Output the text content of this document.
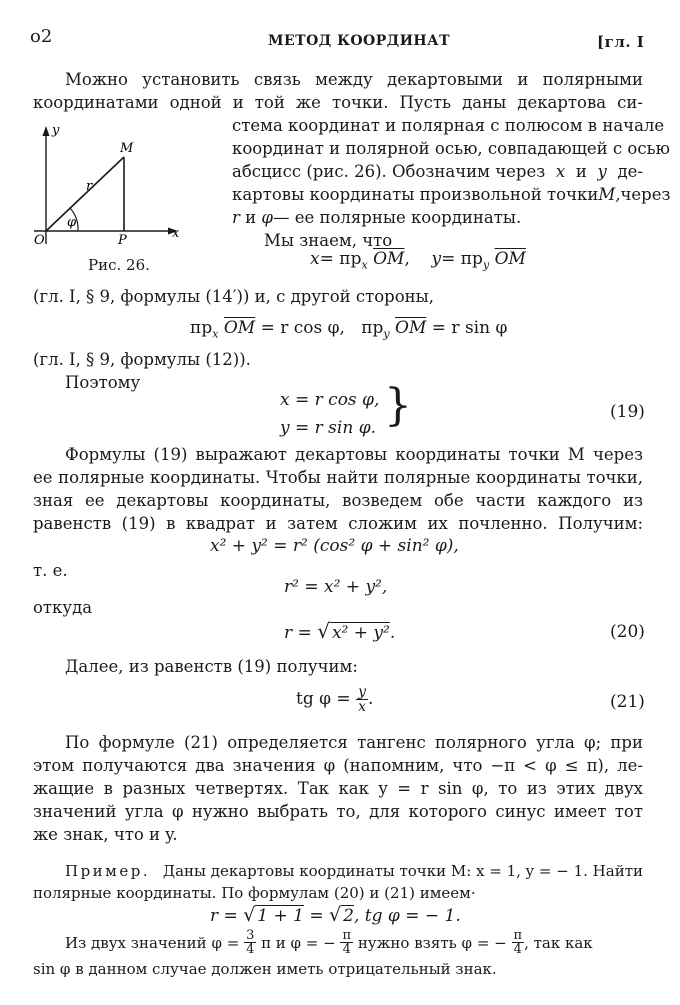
о2	МЕТОД КООРДИНАТ	[гл. I
Можно установить связь между декартовыми и полярными
координатами одной и той же точки. Пусть даны декартова си-
стема координат и полярная с полюсом в начале
координат и полярной осью, совпадающей с осью
абсцисс (рис. 26). Обозначим через x и y де-
картовы координаты произвольной точки M, через
r и φ— ее полярные координаты.
Мы знаем, что
y
x
M
O	P
r
φ
Рис. 26.	$x= пр_x$ $\overline{OM}$, $y= пр_y$ $\overline{OM}$
(гл. I, § 9, формулы (14′)) и, с другой стороны,
$пр_x$ $\overline{OM} = r$ cos φ, $пр_y$ $\overline{OM} = r$ sin φ
(гл. I, § 9, формулы (12)).
Поэтому
x = r cos φ,
y = r sin φ. }	(19)
Формулы (19) выражают декартовы координаты точки M через
ее полярные координаты. Чтобы найти полярные координаты точки,
зная ее декартовы координаты, возведем обе части каждого из
равенств (19) в квадрат и затем сложим их почленно. Получим:
x² + y² = r² (cos² φ + sin² φ),
т. е.
r² = x² + y²,
откуда
r = √ x² + y².	(20)
Далее, из равенств (19) получим:
tg $\varphi = \frac{y}{x}$ .	(21)
По формуле (21) определяется тангенс полярного угла φ; при
этом получаются два значения φ (напомним, что −π < φ ≤ π), ле-
жащие в разных четвертях. Так как y = r sin φ, то из этих двух
значений угла φ нужно выбрать то, для которого синус имеет тот
же знак, что и y.
Пример. Даны декартовы координаты точки M: x = 1, y = − 1. Найти
полярные координаты. По формулам (20) и (21) имеем·
r = √ 1 + 1 = √ 2, tg φ = − 1.
Из двух значений φ =
$\frac{3}{4}$
π и φ = −
$\frac{\pi}{4}$
нужно взять φ = −
$\frac{\pi}{4}$ , так как
sin φ в данном случае должен иметь отрицательный знак.
